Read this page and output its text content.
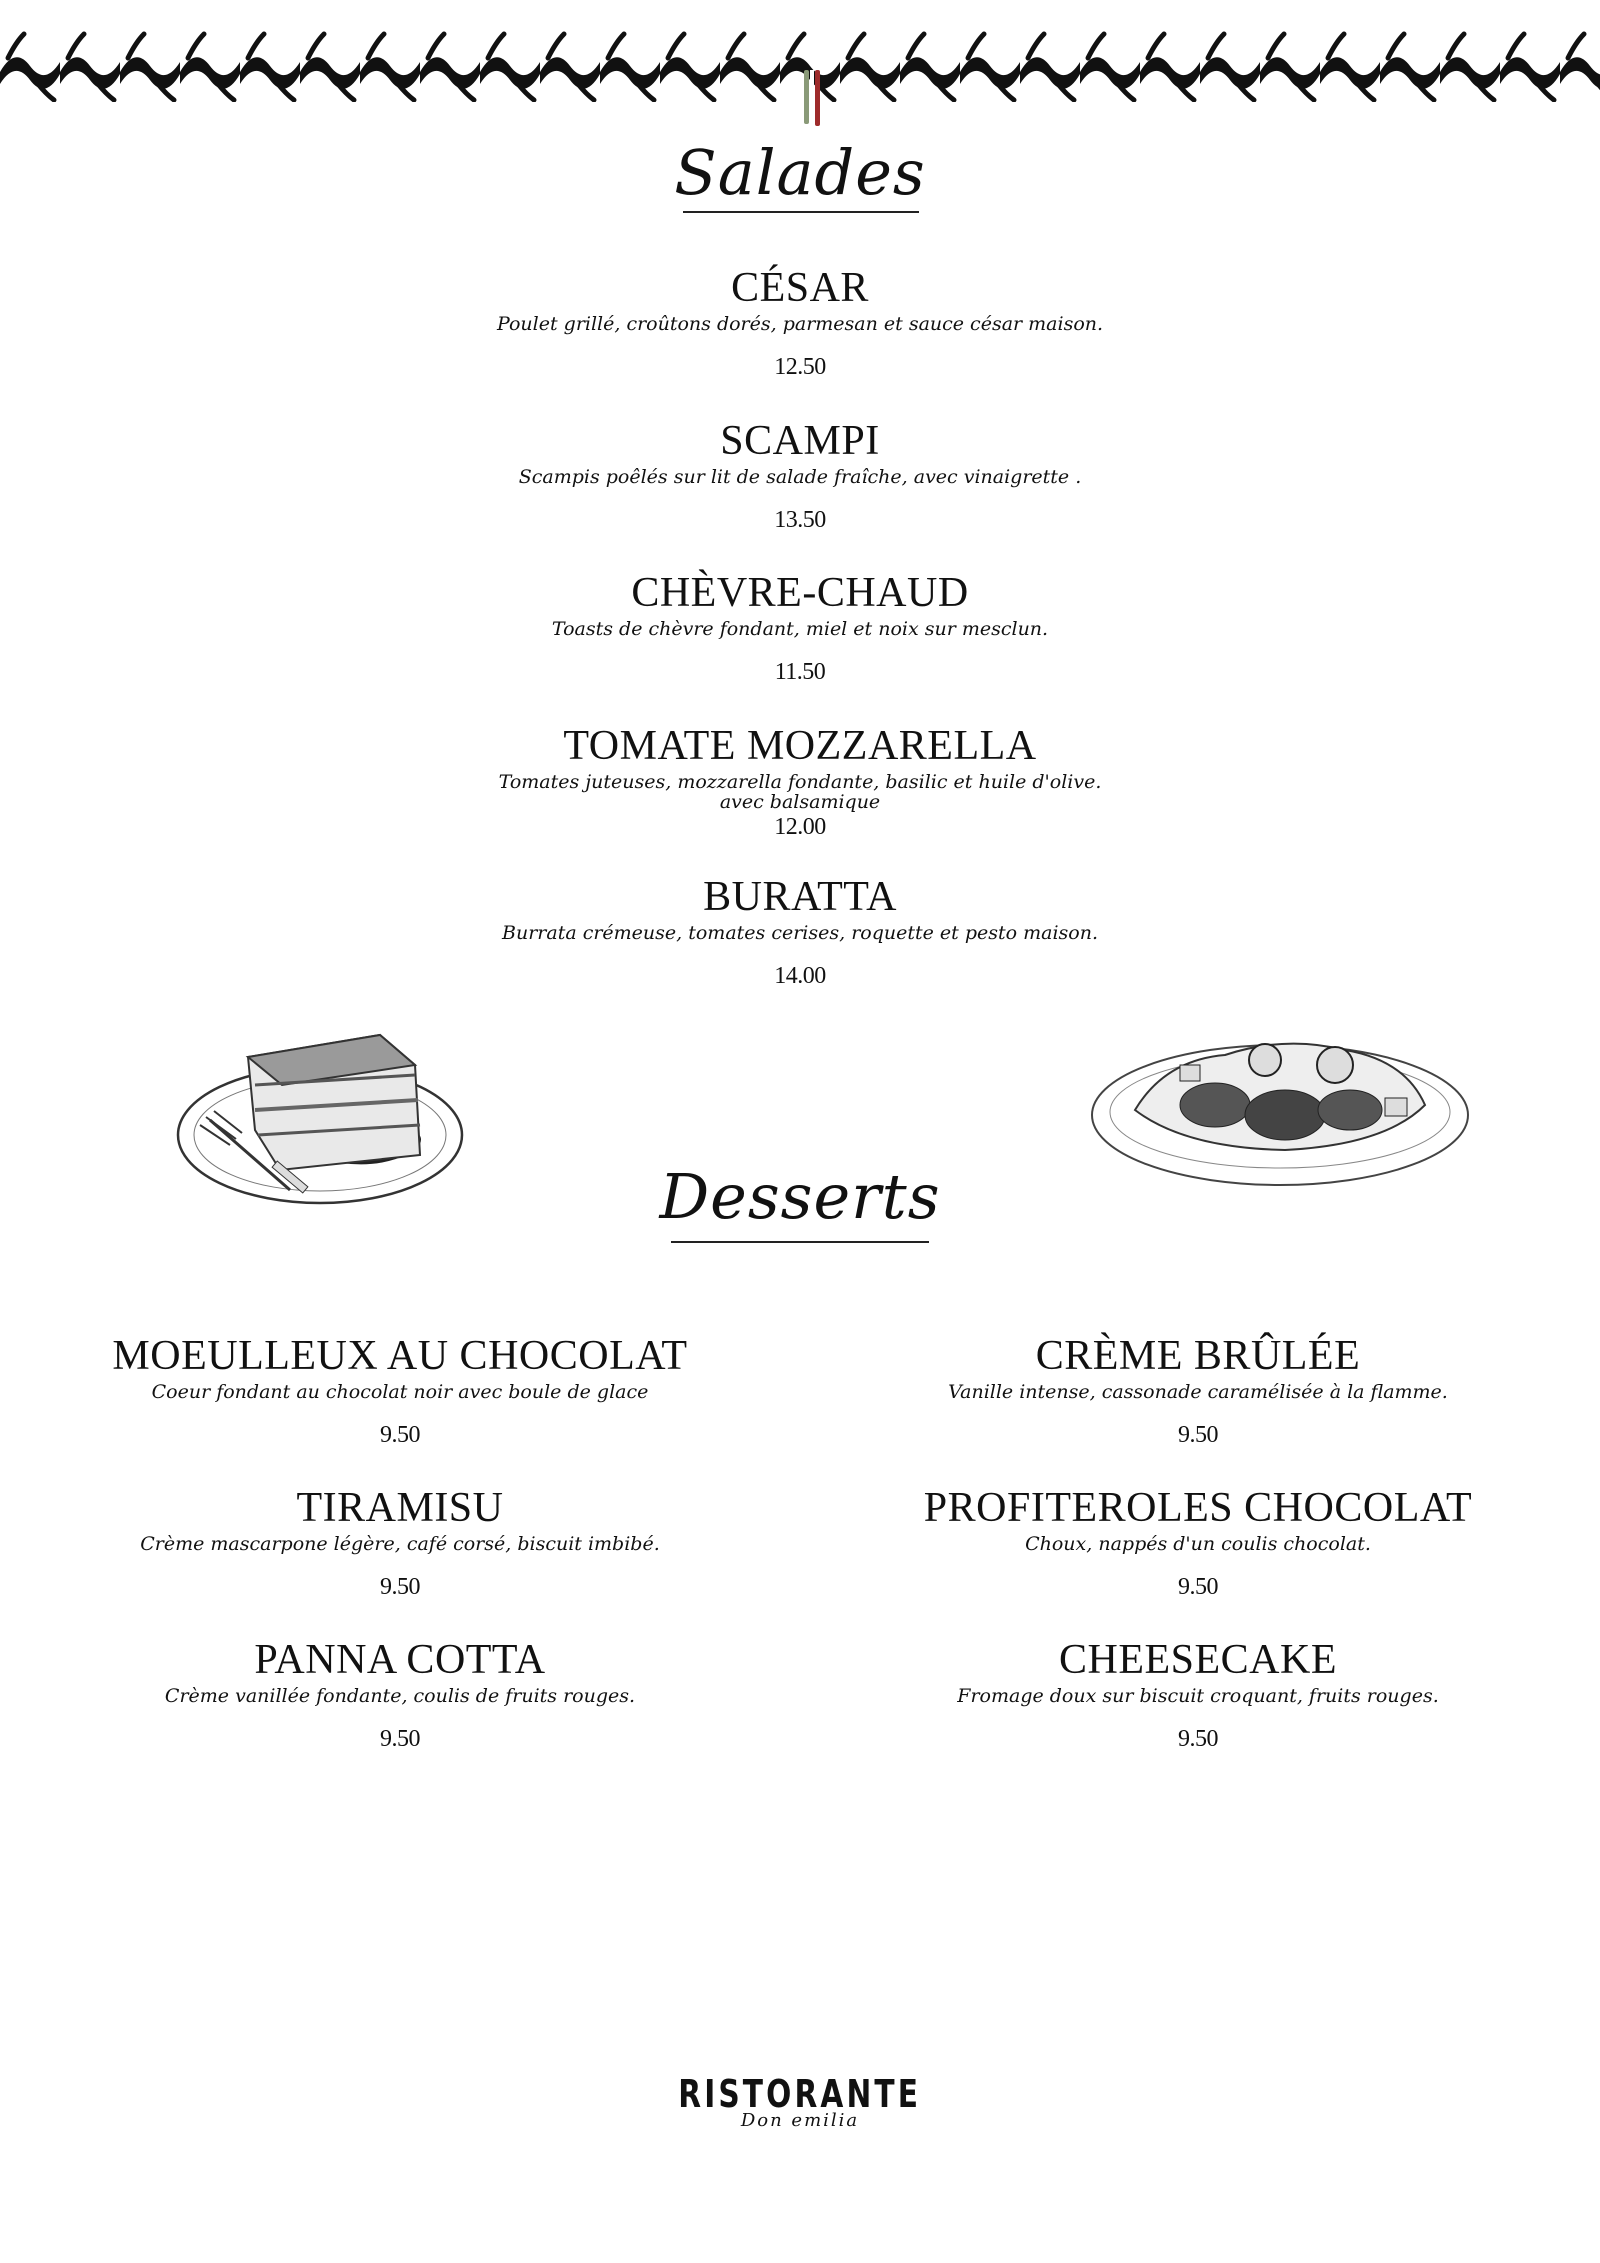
Salades
CÉSAR
Poulet grillé, croûtons dorés, parmesan et sauce césar maison.
12.50
SCAMPI
Scampis poêlés sur lit de salade fraîche, avec vinaigrette .
13.50
CHÈVRE-CHAUD
Toasts de chèvre fondant, miel et noix sur mesclun.
11.50
TOMATE MOZZARELLA
Tomates juteuses, mozzarella fondante, basilic et huile d'olive.
avec balsamique
12.00
BURATTA
Burrata crémeuse, tomates cerises, roquette et pesto maison.
14.00
Desserts
MOEULLEUX AU CHOCOLAT
Coeur fondant au chocolat noir avec boule de glace
9.50
TIRAMISU
Crème mascarpone légère, café corsé, biscuit imbibé.
9.50
PANNA COTTA
Crème vanillée fondante, coulis de fruits rouges.
9.50
CRÈME BRÛLÉE
Vanille intense, cassonade caramélisée à la flamme.
9.50
PROFITEROLES CHOCOLAT
Choux, nappés d'un coulis chocolat.
9.50
CHEESECAKE
Fromage doux sur biscuit croquant, fruits rouges.
9.50
RISTORANTE
Don emilia
